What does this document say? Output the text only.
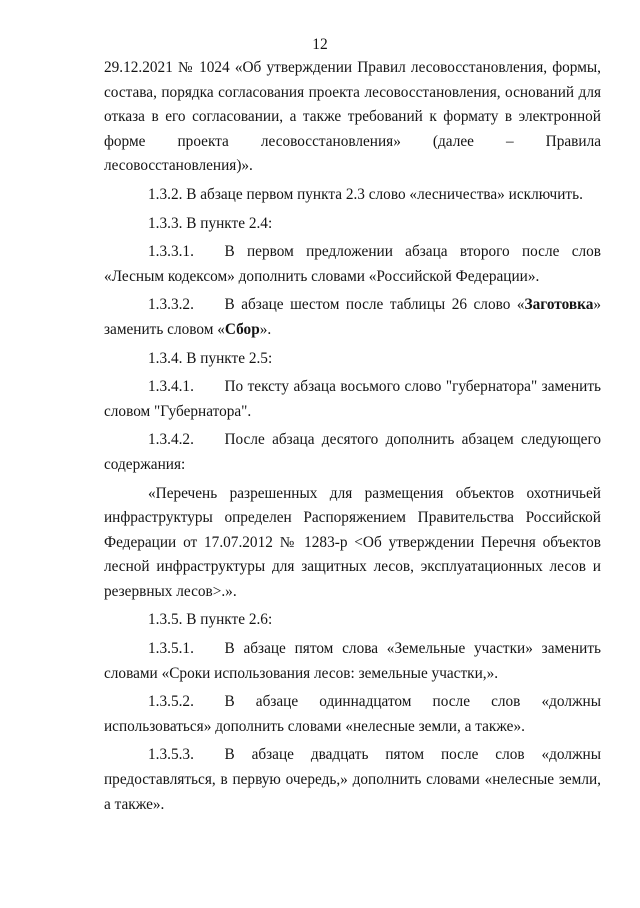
12

29.12.2021 № 1024 «Об утверждении Правил лесовосстановления, формы, состава, порядка согласования проекта лесовосстановления, оснований для отказа в его согласовании, а также требований к формату в электронной форме проекта лесовосстановления» (далее – Правила лесовосстановления)».

1.3.2. В абзаце первом пункта 2.3 слово «лесничества» исключить.

1.3.3. В пункте 2.4:

1.3.3.1.  В первом предложении абзаца второго после слов «Лесным кодексом» дополнить словами «Российской Федерации».

1.3.3.2.  В абзаце шестом после таблицы 26 слово «Заготовка» заменить словом «Сбор».

1.3.4. В пункте 2.5:

1.3.4.1.  По тексту абзаца восьмого слово "губернатора" заменить словом "Губернатора".

1.3.4.2.  После абзаца десятого дополнить абзацем следующего содержания:

«Перечень разрешенных для размещения объектов охотничьей инфраструктуры определен Распоряжением Правительства Российской Федерации от 17.07.2012 № 1283-р <Об утверждении Перечня объектов лесной инфраструктуры для защитных лесов, эксплуатационных лесов и резервных лесов>.».

1.3.5. В пункте 2.6:

1.3.5.1.  В абзаце пятом слова «Земельные участки» заменить словами «Сроки использования лесов: земельные участки,».

1.3.5.2.  В абзаце одиннадцатом после слов «должны использоваться» дополнить словами «нелесные земли, а также».

1.3.5.3.  В абзаце двадцать пятом после слов «должны предоставляться, в первую очередь,» дополнить словами «нелесные земли, а также».
